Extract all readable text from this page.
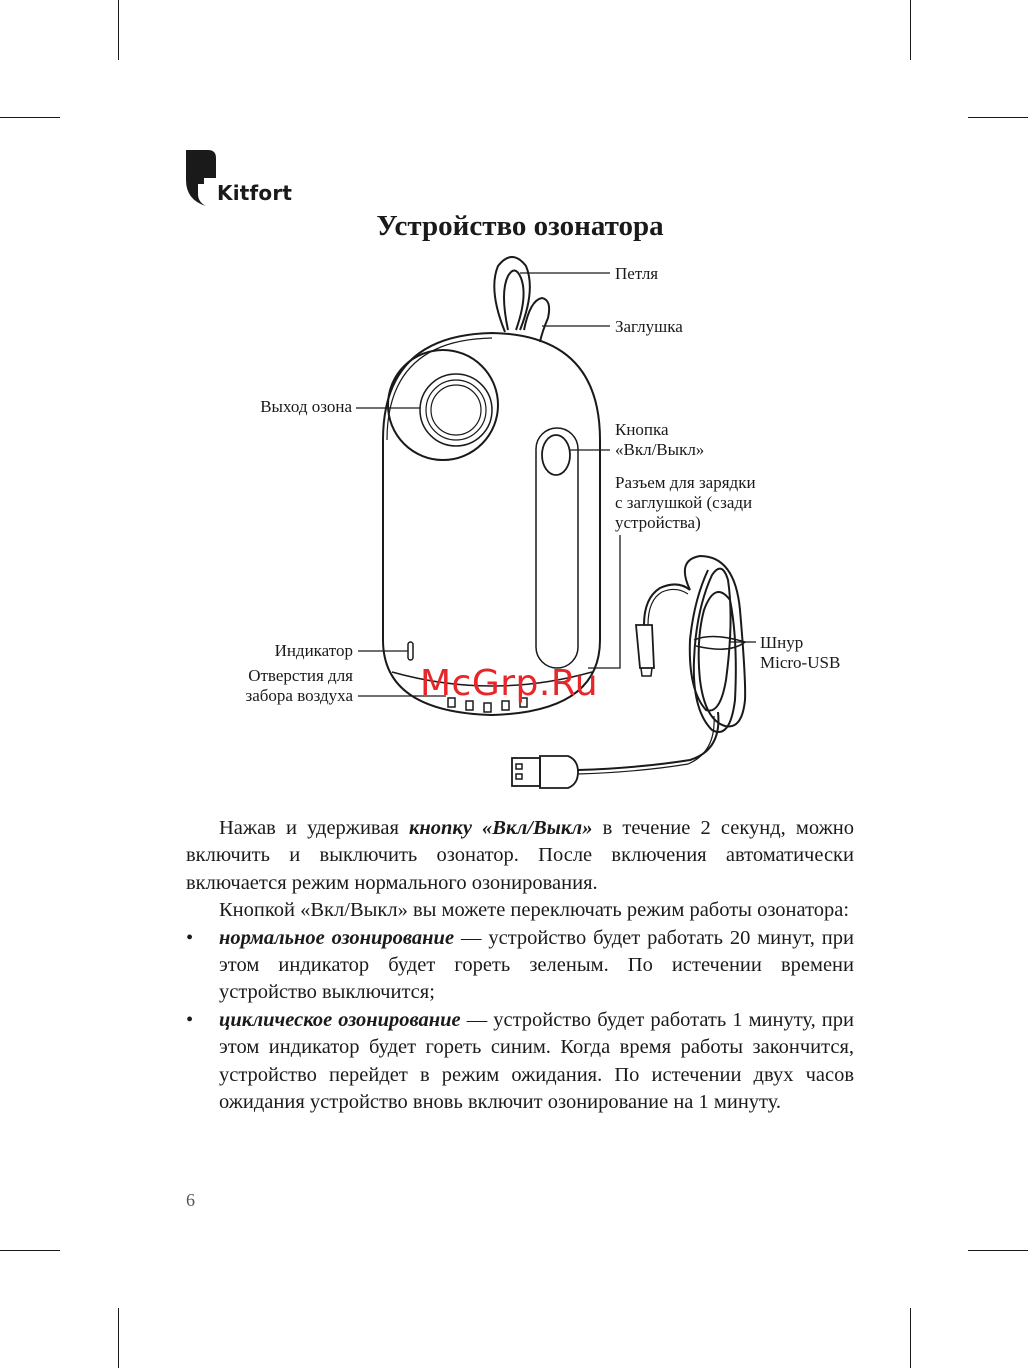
Kitfort
Устройство озонатора
Петля
Заглушка
Выход озона
Кнопка
«Вкл/Выкл»
Разъем для зарядки
с заглушкой (сзади
устройства)
Шнур
Micro-USB
Индикатор
Отверстия для
забора воздуха McGrp.Ru

Нажав и удерживая кнопку «Вкл/Выкл» в течение 2 секунд, можно включить и выключить озонатор. После включения автоматически включается режим нормального озонирования.

Кнопкой «Вкл/Выкл» вы можете переключать режим работы озонатора:

• нормальное озонирование — устройство будет работать 20 минут, при этом индикатор будет гореть зеленым. По истечении времени устройство выключится;
• циклическое озонирование — устройство будет работать 1 минуту, при этом индикатор будет гореть синим. Когда время работы закончится, устройство перейдет в режим ожидания. По истечении двух часов ожидания устройство вновь включит озонирование на 1 минуту.
6
